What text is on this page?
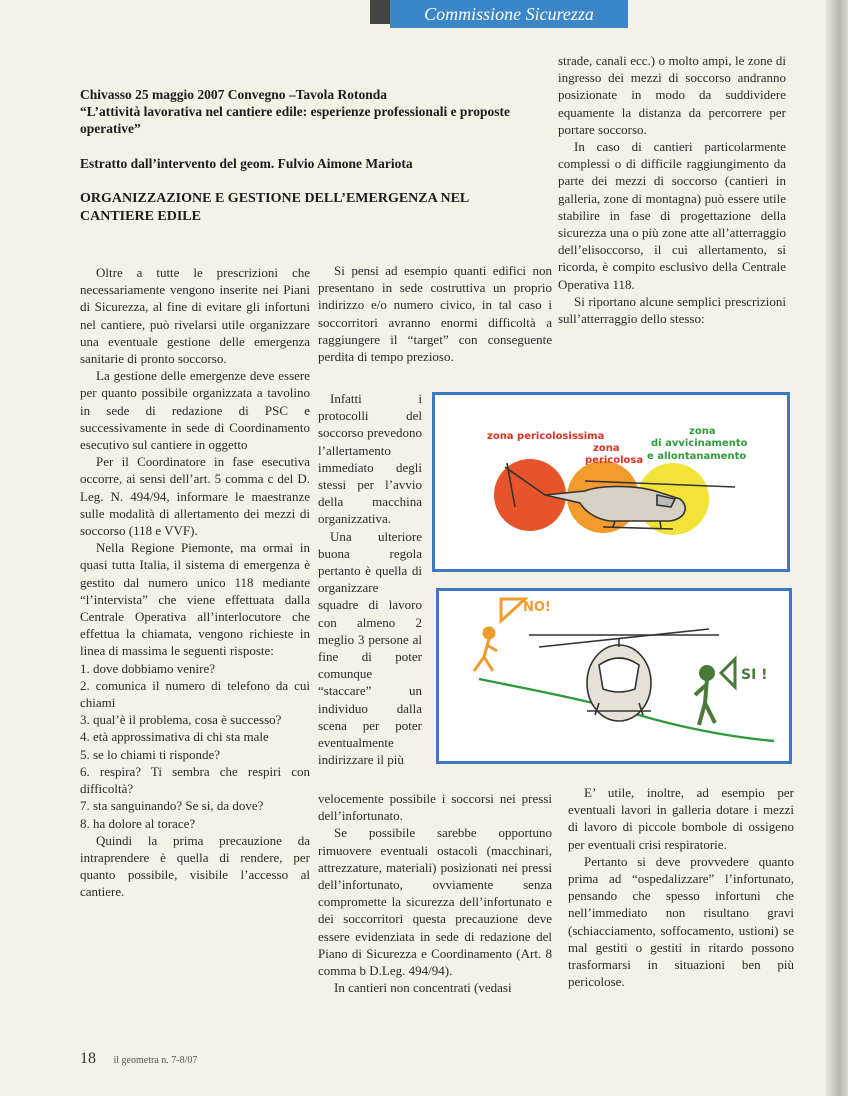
Commissione Sicurezza

Chivasso 25 maggio 2007 Convegno –Tavola Rotonda

“L’attività lavorativa nel cantiere edile: esperienze professionali e proposte operative”

Estratto dall’intervento del geom. Fulvio Aimone Mariota

ORGANIZZAZIONE E GESTIONE DELL’EMERGENZA NEL CANTIERE EDILE

Oltre a tutte le prescrizioni che necessariamente vengono inserite nei Piani di Sicurezza, al fine di evitare gli infortuni nel cantiere, può rivelarsi utile organizzare una eventuale gestione delle emergenza sanitarie di pronto soccorso.

La gestione delle emergenze deve essere per quanto possibile organizzata a tavolino in sede di redazione di PSC e successivamente in sede di Coordinamento esecutivo sul cantiere in oggetto

Per il Coordinatore in fase esecutiva occorre, ai sensi dell’art. 5 comma c del D. Leg. N. 494/94, informare le maestranze sulle modalità di allertamento dei mezzi di soccorso (118 e VVF).

Nella Regione Piemonte, ma ormai in quasi tutta Italia, il sistema di emergenza è gestito dal numero unico 118 mediante “l’intervista” che viene effettuata dalla Centrale Operativa all’interlocutore che effettua la chiamata, vengono richieste in linea di massima le seguenti risposte:

1. dove dobbiamo venire?
2. comunica il numero di telefono da cui chiami
3. qual’è il problema, cosa è successo?
4. età approssimativa di chi sta male
5. se lo chiami ti risponde?
6. respira? Ti sembra che respiri con difficoltà?
7. sta sanguinando? Se si, da dove?
8. ha dolore al torace?

Quindi la prima precauzione da intraprendere è quella di rendere, per quanto possibile, visibile l’accesso al cantiere.

Si pensi ad esempio quanti edifici non presentano in sede costruttiva un proprio indirizzo e/o numero civico, in tal caso i soccorritori avranno enormi difficoltà a raggiungere il “target” con conseguente perdita di tempo prezioso.

Infatti i protocolli del soccorso prevedono l’allertamento immediato degli stessi per l’avvio della macchina organizzativa.

Una ulteriore buona regola pertanto è quella di organizzare squadre di lavoro con almeno 2 meglio 3 persone al fine di poter comunque “staccare” un individuo dalla scena per poter eventualmente indirizzare il più

velocemente possibile i soccorsi nei pressi dell’infortunato.

Se possibile sarebbe opportuno rimuovere eventuali ostacoli (macchinari, attrezzature, materiali) posizionati nei pressi dell’infortunato, ovviamente senza compromette la sicurezza dell’infortunato e dei soccorritori questa precauzione deve essere evidenziata in sede di redazione del Piano di Sicurezza e Coordinamento (Art. 8 comma b D.Leg. 494/94).

In cantieri non concentrati (vedasi

strade, canali ecc.) o molto ampi, le zone di ingresso dei mezzi di soccorso andranno posizionate in modo da suddividere equamente la distanza da percorrere per portare soccorso.

In caso di cantieri particolarmente complessi o di difficile raggiungimento da parte dei mezzi di soccorso (cantieri in galleria, zone di montagna) può essere utile stabilire in fase di progettazione della sicurezza una o più zone atte all’atterraggio dell’elisoccorso, il cui allertamento, si ricorda, è compito esclusivo della Centrale Operativa 118.

Si riportano alcune semplici prescrizioni sull’atterraggio dello stesso:

E’ utile, inoltre, ad esempio per eventuali lavori in galleria dotare i mezzi di lavoro di piccole bombole di ossigeno per eventuali crisi respiratorie.

Pertanto si deve provvedere quanto prima ad “ospedalizzare” l’infortunato, pensando che spesso infortuni che nell’immediato non risultano gravi (schiacciamento, soffocamento, ustioni) se mal gestiti o gestiti in ritardo possono trasformarsi in situazioni ben più pericolose.

zona pericolosissima
zona
pericolosa
zona
di avvicinamento
e allontanamento
NO!
SI !
18 il geometra n. 7-8/07
